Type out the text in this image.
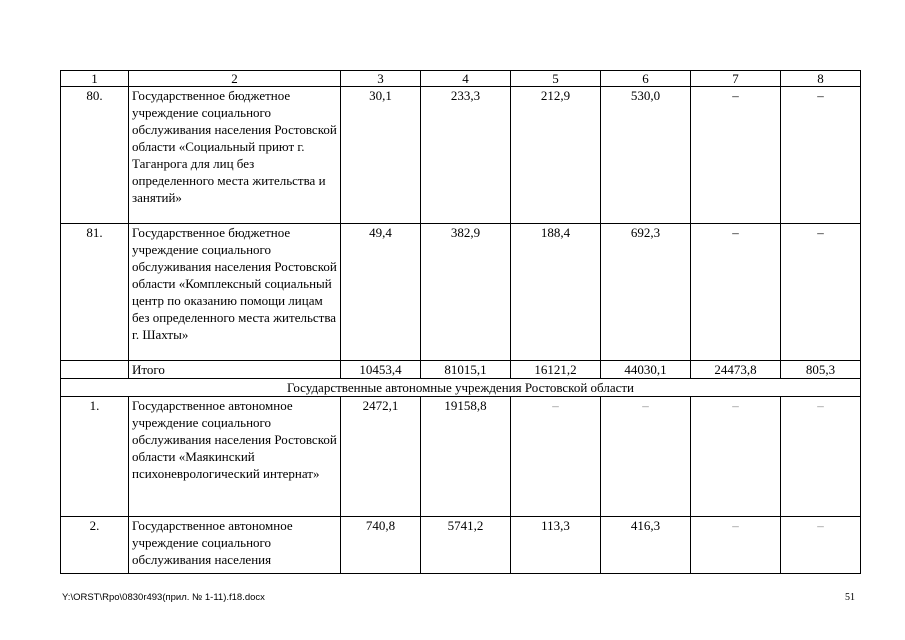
1	2	3	4	5	6	7	8
80.	Государственное бюджетное учреждение социального обслуживания населения Ростовской области «Социальный приют г. Таганрога для лиц без определенного места жительства и занятий»	30,1	233,3	212,9	530,0	–	–
81.	Государственное бюджетное учреждение социального обслуживания населения Ростовской области «Комплексный социальный центр по оказанию помощи лицам без определенного места жительства г. Шахты»	49,4	382,9	188,4	692,3	–	–
	Итого	10453,4	81015,1	16121,2	44030,1	24473,8	805,3
Государственные автономные учреждения Ростовской области							
1.	Государственное автономное учреждение социального обслуживания населения Ростовской области «Маякинский психоневрологический интернат»	2472,1	19158,8	–	–	–	–
2.	Государственное автономное учреждение социального обслуживания населения	740,8	5741,2	113,3	416,3	–	–
Y:\ORST\Rpo\0830r493(прил. № 1-11).f18.docx	51
